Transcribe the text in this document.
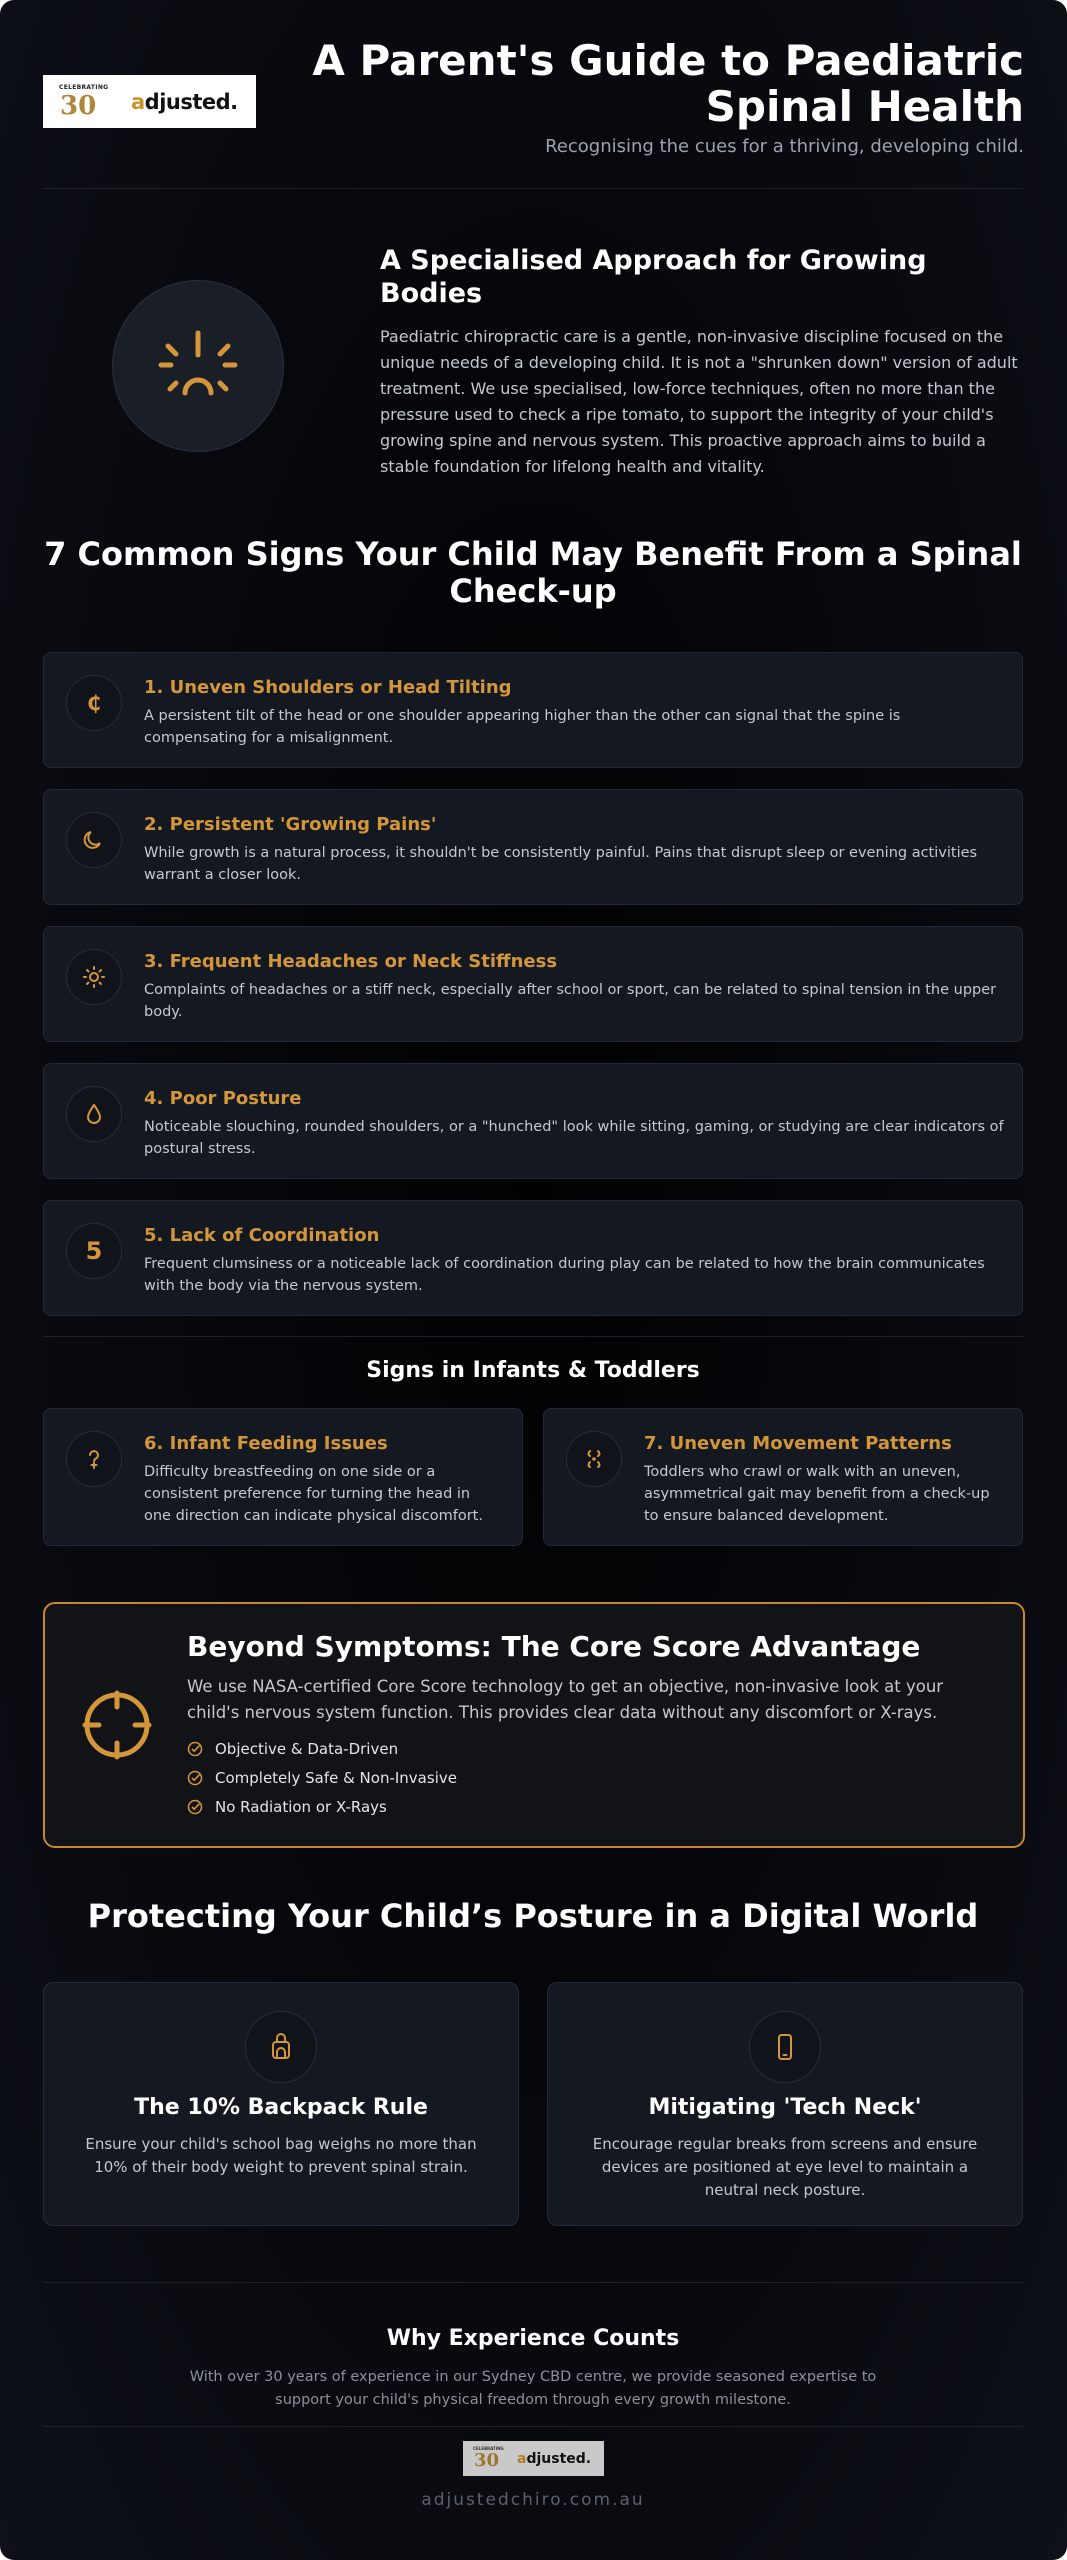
CELEBRATING
30 adjusted.
A Parent's Guide to Paediatric Spinal Health
Recognising the cues for a thriving, developing child.
A Specialised Approach for Growing Bodies
Paediatric chiropractic care is a gentle, non-invasive discipline focused on the unique needs of a developing child. It is not a "shrunken down" version of adult treatment. We use specialised, low-force techniques, often no more than the pressure used to check a ripe tomato, to support the integrity of your child's growing spine and nervous system. This proactive approach aims to build a stable foundation for lifelong health and vitality.
7 Common Signs Your Child May Benefit From a Spinal Check-up
₵
1. Uneven Shoulders or Head Tilting
A persistent tilt of the head or one shoulder appearing higher than the other can signal that the spine is compensating for a misalignment.
2. Persistent 'Growing Pains'
While growth is a natural process, it shouldn't be consistently painful. Pains that disrupt sleep or evening activities warrant a closer look.
3. Frequent Headaches or Neck Stiffness
Complaints of headaches or a stiff neck, especially after school or sport, can be related to spinal tension in the upper body.
4. Poor Posture
Noticeable slouching, rounded shoulders, or a "hunched" look while sitting, gaming, or studying are clear indicators of postural stress.
5
5. Lack of Coordination
Frequent clumsiness or a noticeable lack of coordination during play can be related to how the brain communicates with the body via the nervous system.
Signs in Infants & Toddlers
6. Infant Feeding Issues
Difficulty breastfeeding on one side or a consistent preference for turning the head in one direction can indicate physical discomfort.
7. Uneven Movement Patterns
Toddlers who crawl or walk with an uneven, asymmetrical gait may benefit from a check-up to ensure balanced development.
Beyond Symptoms: The Core Score Advantage
We use NASA-certified Core Score technology to get an objective, non-invasive look at your child's nervous system function. This provides clear data without any discomfort or X-rays.
Objective & Data-Driven
Completely Safe & Non-Invasive
No Radiation or X-Rays
Protecting Your Child’s Posture in a Digital World
The 10% Backpack Rule
Ensure your child's school bag weighs no more than 10% of their body weight to prevent spinal strain.
Mitigating 'Tech Neck'
Encourage regular breaks from screens and ensure devices are positioned at eye level to maintain a neutral neck posture.
Why Experience Counts
With over 30 years of experience in our Sydney CBD centre, we provide seasoned expertise to support your child's physical freedom through every growth milestone.
CELEBRATING
30 adjusted.
adjustedchiro.com.au
